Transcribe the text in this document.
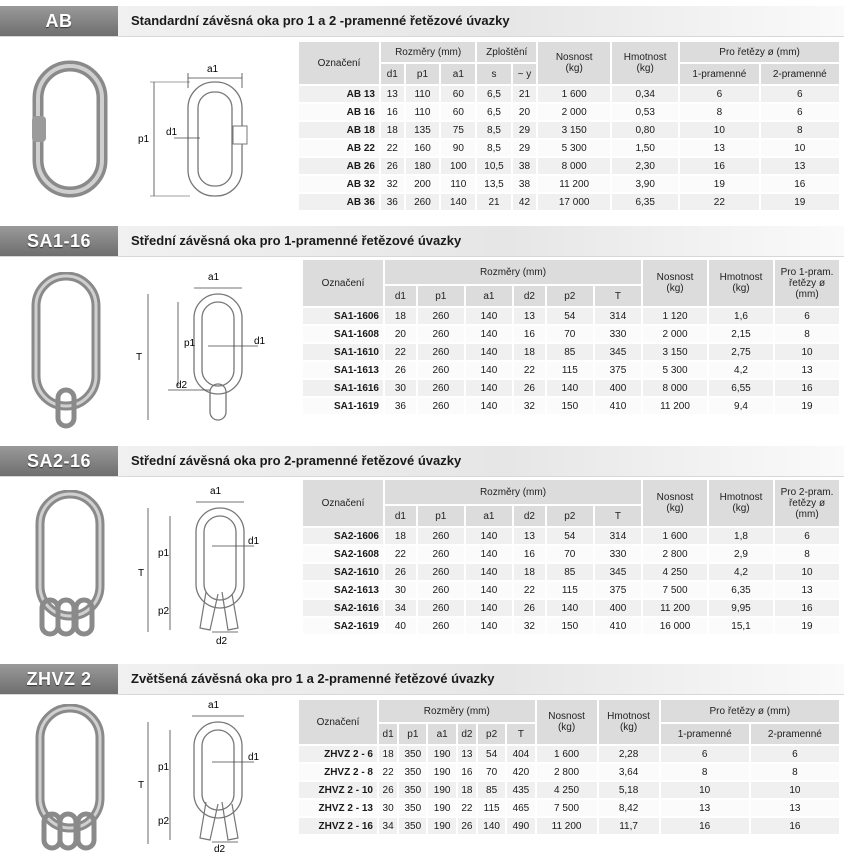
AB	Standardní závěsná oka pro 1 a 2 -pramenné řetězové úvazky
a1
p1
d1
Označení	Rozměry (mm)			Zploštění		Nosnost
(kg)	Hmotnost
(kg)	Pro řetězy ø (mm)	
	d1	p1	a1	s	~ y			1-pramenné	2-pramenné
AB 13	13	110	60	6,5	21	1 600	0,34	6	6
AB 16	16	110	60	6,5	20	2 000	0,53	8	6
AB 18	18	135	75	8,5	29	3 150	0,80	10	8
AB 22	22	160	90	8,5	29	5 300	1,50	13	10
AB 26	26	180	100	10,5	38	8 000	2,30	16	13
AB 32	32	200	110	13,5	38	11 200	3,90	19	16
AB 36	36	260	140	21	42	17 000	6,35	22	19
SA1-16	Střední závěsná oka pro 1-pramenné řetězové úvazky
a1
p1	d1
d2
T
Označení	Rozměry (mm)						Nosnost
(kg)	Hmotnost
(kg)	Pro 1-pram.
řetězy ø
(mm)
	d1	p1	a1	d2	p2	T			
SA1-1606	18	260	140	13	54	314	1 120	1,6	6
SA1-1608	20	260	140	16	70	330	2 000	2,15	8
SA1-1610	22	260	140	18	85	345	3 150	2,75	10
SA1-1613	26	260	140	22	115	375	5 300	4,2	13
SA1-1616	30	260	140	26	140	400	8 000	6,55	16
SA1-1619	36	260	140	32	150	410	11 200	9,4	19
SA2-16	Střední závěsná oka pro 2-pramenné řetězové úvazky
a1
p1
p2
d1
d2
T
Označení	Rozměry (mm)						Nosnost
(kg)	Hmotnost
(kg)	Pro 2-pram.
řetězy ø
(mm)
	d1	p1	a1	d2	p2	T			
SA2-1606	18	260	140	13	54	314	1 600	1,8	6
SA2-1608	22	260	140	16	70	330	2 800	2,9	8
SA2-1610	26	260	140	18	85	345	4 250	4,2	10
SA2-1613	30	260	140	22	115	375	7 500	6,35	13
SA2-1616	34	260	140	26	140	400	11 200	9,95	16
SA2-1619	40	260	140	32	150	410	16 000	15,1	19
ZHVZ 2	Zvětšená závěsná oka pro 1 a 2-pramenné řetězové úvazky
a1
p1
p2
d1
d2
T
Označení	Rozměry (mm)						Nosnost
(kg)	Hmotnost
(kg)	Pro řetězy ø (mm)	
	d1	p1	a1	d2	p2	T			1-pramenné	2-pramenné
ZHVZ 2 - 6	18	350	190	13	54	404	1 600	2,28	6	6
ZHVZ 2 - 8	22	350	190	16	70	420	2 800	3,64	8	8
ZHVZ 2 - 10	26	350	190	18	85	435	4 250	5,18	10	10
ZHVZ 2 - 13	30	350	190	22	115	465	7 500	8,42	13	13
ZHVZ 2 - 16	34	350	190	26	140	490	11 200	11,7	16	16
